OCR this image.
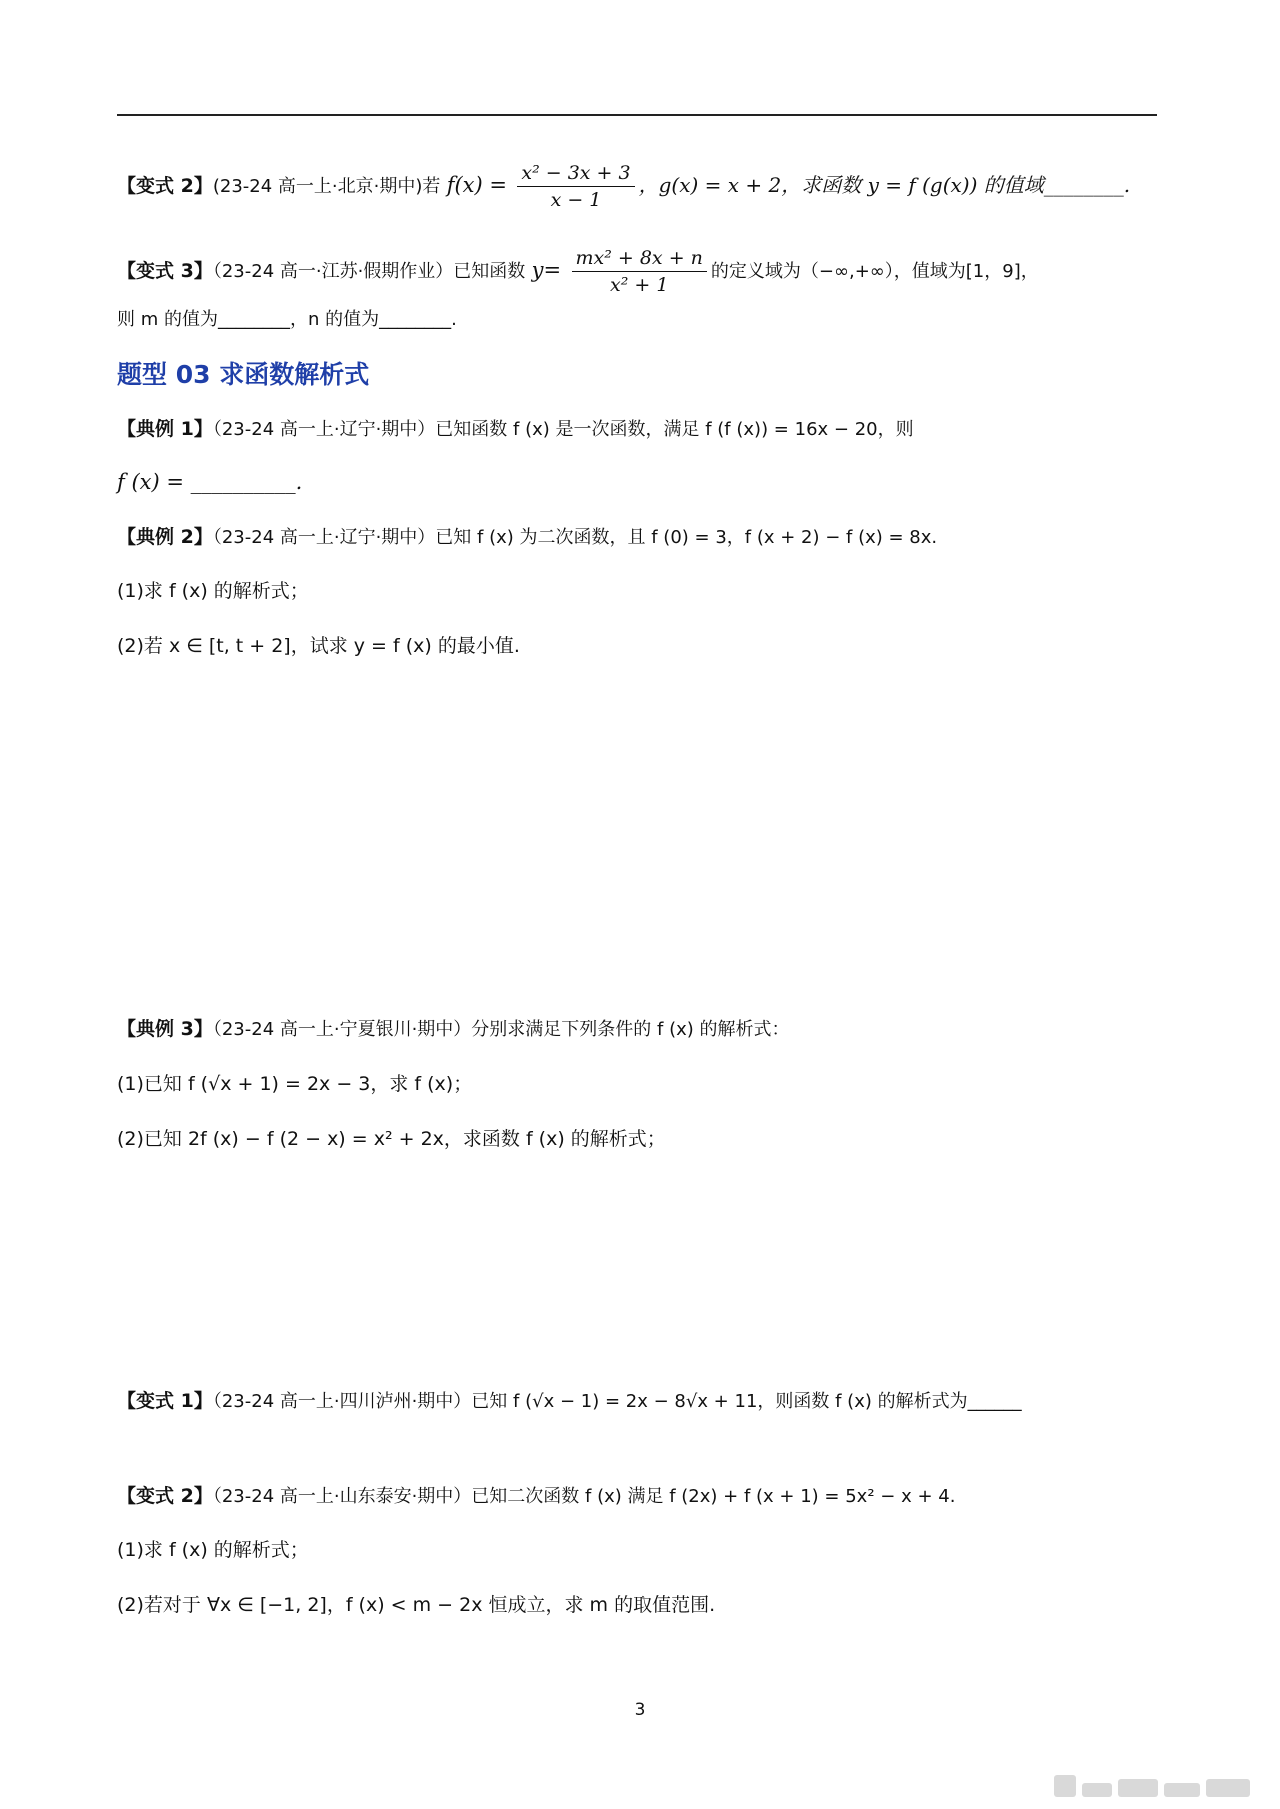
【变式 2】(23-24 高一上·北京·期中)若 $f(x) = \frac{\text{x² − 3x + 3}}{x - 1}$ ，g(x) = x + 2，求函数 y = f (g(x)) 的值域________.
【变式 3】（23-24 高一·江苏·假期作业）已知函数 $y= \frac{\text{mx² + 8x + n}}{\text{x² + 1}}$ 的定义域为（−∞,+∞），值域为[1，9]，
则 m 的值为________，n 的值为________.
题型 03 求函数解析式
【典例 1】（23-24 高一上·辽宁·期中）已知函数 f (x) 是一次函数，满足 f (f (x)) = 16x − 20，则
f (x) = __________.
【典例 2】（23-24 高一上·辽宁·期中）已知 f (x) 为二次函数，且 f (0) = 3，f (x + 2) − f (x) = 8x.
(1)求 f (x) 的解析式；
(2)若 x ∈ [t, t + 2]，试求 y = f (x) 的最小值.
【典例 3】（23-24 高一上·宁夏银川·期中）分别求满足下列条件的 f (x) 的解析式：
(1)已知 f (√x + 1) = 2x − 3，求 f (x)；
(2)已知 2f (x) − f (2 − x) = x² + 2x，求函数 f (x) 的解析式；
【变式 1】（23-24 高一上·四川泸州·期中）已知 f (√x − 1) = 2x − 8√x + 11，则函数 f (x) 的解析式为______
【变式 2】（23-24 高一上·山东泰安·期中）已知二次函数 f (x) 满足 f (2x) + f (x + 1) = 5x² − x + 4.
(1)求 f (x) 的解析式；
(2)若对于 ∀x ∈ [−1, 2]，f (x) < m − 2x 恒成立，求 m 的取值范围.
3
